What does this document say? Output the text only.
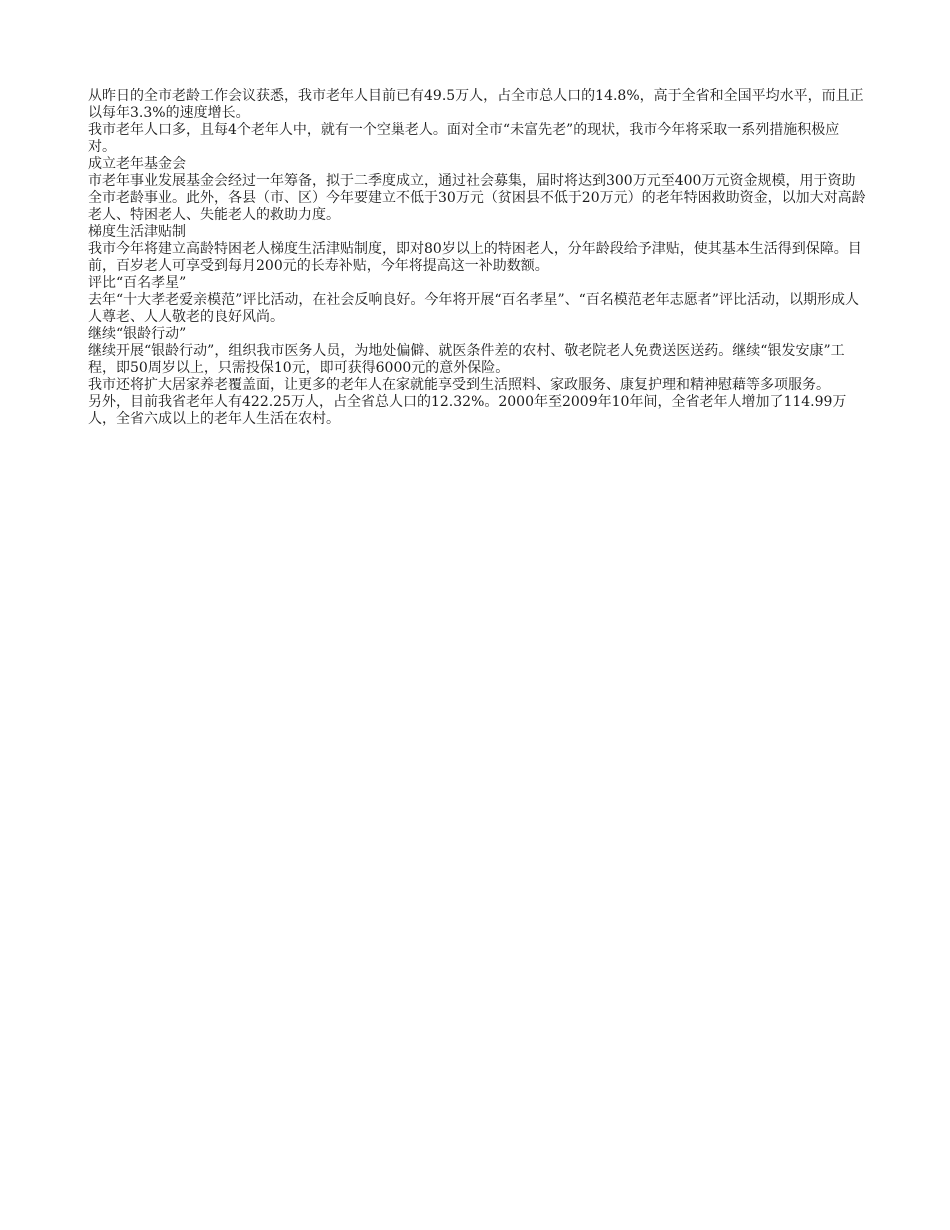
从昨日的全市老龄工作会议获悉，我市老年人目前已有49.5万人，占全市总人口的14.8%，高于全省和全国平均水平，而且正以每年3.3%的速度增长。

我市老年人口多，且每4个老年人中，就有一个空巢老人。面对全市“未富先老”的现状，我市今年将采取一系列措施积极应对。

成立老年基金会

市老年事业发展基金会经过一年筹备，拟于二季度成立，通过社会募集，届时将达到300万元至400万元资金规模，用于资助全市老龄事业。此外，各县（市、区）今年要建立不低于30万元（贫困县不低于20万元）的老年特困救助资金，以加大对高龄老人、特困老人、失能老人的救助力度。

梯度生活津贴制

我市今年将建立高龄特困老人梯度生活津贴制度，即对80岁以上的特困老人，分年龄段给予津贴，使其基本生活得到保障。目前，百岁老人可享受到每月200元的长寿补贴，今年将提高这一补助数额。

评比“百名孝星”

去年“十大孝老爱亲模范”评比活动，在社会反响良好。今年将开展“百名孝星”、“百名模范老年志愿者”评比活动，以期形成人人尊老、人人敬老的良好风尚。

继续“银龄行动”

继续开展“银龄行动”，组织我市医务人员，为地处偏僻、就医条件差的农村、敬老院老人免费送医送药。继续“银发安康”工程，即50周岁以上，只需投保10元，即可获得6000元的意外保险。

我市还将扩大居家养老覆盖面，让更多的老年人在家就能享受到生活照料、家政服务、康复护理和精神慰藉等多项服务。

另外，目前我省老年人有422.25万人，占全省总人口的12.32%。2000年至2009年10年间，全省老年人增加了114.99万人，全省六成以上的老年人生活在农村。
